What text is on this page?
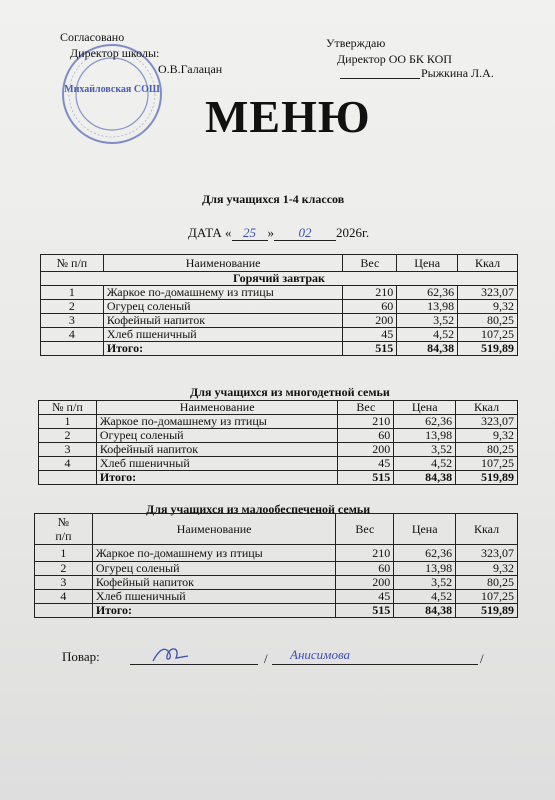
Михайловская СОШ
Согласовано
Директор школы:
О.В.Галацан
Утверждаю
Директор ОО БК КОП
Рыжкина Л.А.
МЕНЮ
Для учащихся 1-4 классов
ДАТА « 25 » 02 2026г.
№ п/п	Наименование	Вес	Цена	Ккал
Горячий завтрак				
1	Жаркое по-домашнему из птицы	210	62,36	323,07
2	Огурец соленый	60	13,98	9,32
3	Кофейный напиток	200	3,52	80,25
4	Хлеб пшеничный	45	4,52	107,25
	Итого:	515	84,38	519,89
Для учащихся из многодетной семьи
№ п/п	Наименование	Вес	Цена	Ккал
1	Жаркое по-домашнему из птицы	210	62,36	323,07
2	Огурец соленый	60	13,98	9,32
3	Кофейный напиток	200	3,52	80,25
4	Хлеб пшеничный	45	4,52	107,25
	Итого:	515	84,38	519,89
Для учащихся из малообеспеченой семьи
№
п/п	Наименование	Вес	Цена	Ккал
1	Жаркое по-домашнему из птицы	210	62,36	323,07
2	Огурец соленый	60	13,98	9,32
3	Кофейный напиток	200	3,52	80,25
4	Хлеб пшеничный	45	4,52	107,25
	Итого:	515	84,38	519,89
Повар:	/ Анисимова	/
